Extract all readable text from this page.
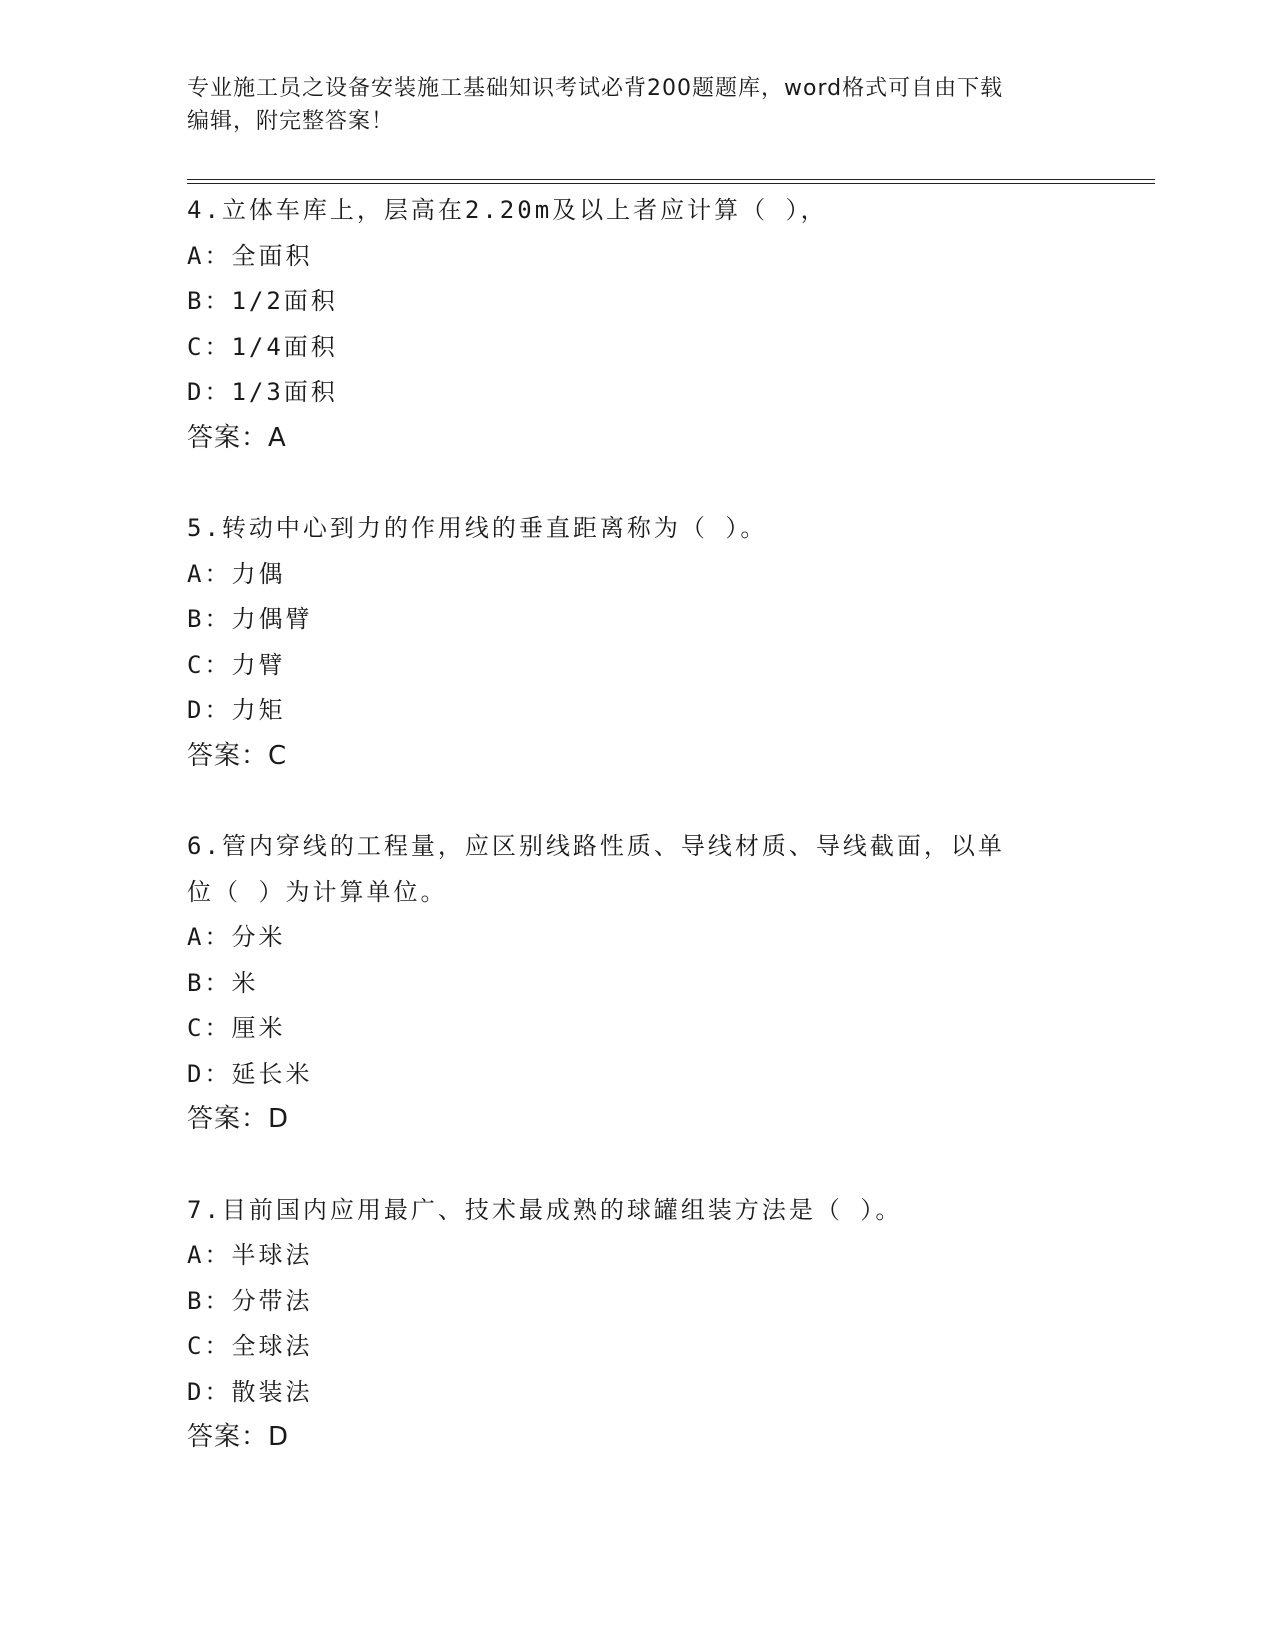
专业施工员之设备安装施工基础知识考试必背200题题库，word格式可自由下载
编辑，附完整答案！
4.立体车库上，层高在2.20m及以上者应计算（ ），
A：全面积
B：1/2面积
C：1/4面积
D：1/3面积
答案：A
5.转动中心到力的作用线的垂直距离称为（ ）。
A：力偶
B：力偶臂
C：力臂
D：力矩
答案：C
6.管内穿线的工程量，应区别线路性质、导线材质、导线截面，以单
位（ ）为计算单位。
A：分米
B：米
C：厘米
D：延长米
答案：D
7.目前国内应用最广、技术最成熟的球罐组装方法是（ ）。
A：半球法
B：分带法
C：全球法
D：散装法
答案：D
